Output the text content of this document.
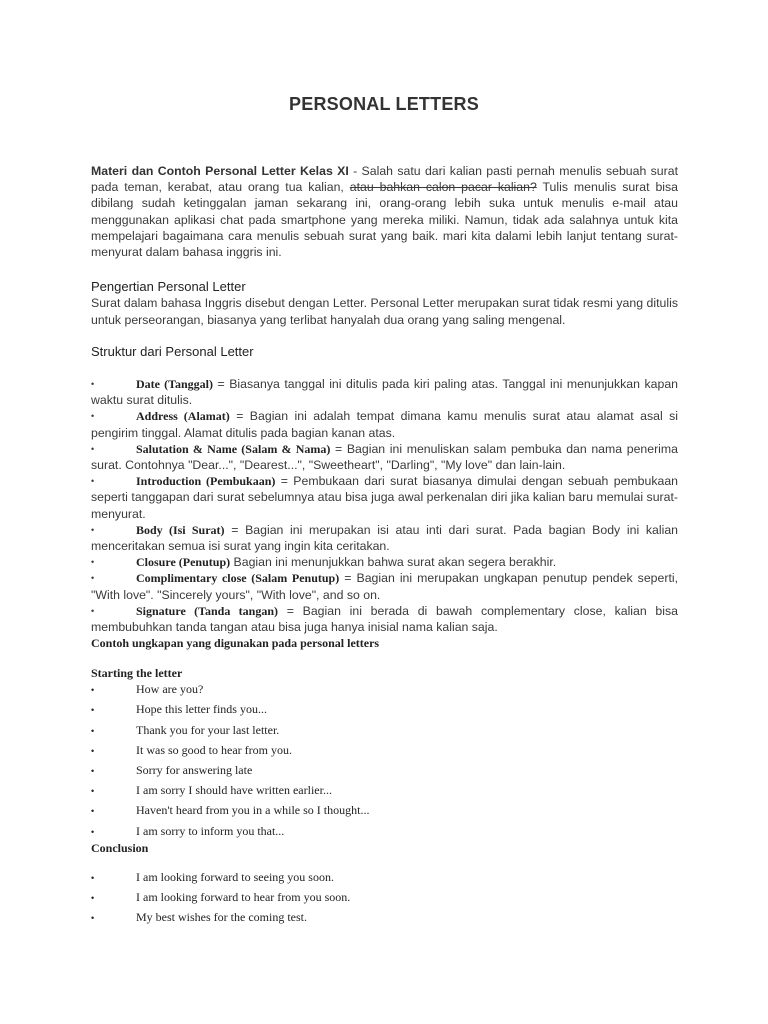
PERSONAL LETTERS

Materi dan Contoh Personal Letter Kelas XI - Salah satu dari kalian pasti pernah menulis sebuah surat pada teman, kerabat, atau orang tua kalian, atau bahkan calon pacar kalian? Tulis menulis surat bisa dibilang sudah ketinggalan jaman sekarang ini, orang-orang lebih suka untuk menulis e-mail atau menggunakan aplikasi chat pada smartphone yang mereka miliki. Namun, tidak ada salahnya untuk kita mempelajari bagaimana cara menulis sebuah surat yang baik. mari kita dalami lebih lanjut tentang surat-menyurat dalam bahasa inggris ini.

Pengertian Personal Letter

Surat dalam bahasa Inggris disebut dengan Letter. Personal Letter merupakan surat tidak resmi yang ditulis untuk perseorangan, biasanya yang terlibat hanyalah dua orang yang saling mengenal.

Struktur dari Personal Letter

•	Date (Tanggal) = Biasanya tanggal ini ditulis pada kiri paling atas. Tanggal ini menunjukkan kapan waktu surat ditulis.

•	Address (Alamat) = Bagian ini adalah tempat dimana kamu menulis surat atau alamat asal si pengirim tinggal. Alamat ditulis pada bagian kanan atas.

•	Salutation & Name (Salam & Nama) = Bagian ini menuliskan salam pembuka dan nama penerima surat. Contohnya "Dear...", "Dearest...", "Sweetheart", "Darling", "My love" dan lain-lain.

•	Introduction (Pembukaan) = Pembukaan dari surat biasanya dimulai dengan sebuah pembukaan seperti tanggapan dari surat sebelumnya atau bisa juga awal perkenalan diri jika kalian baru memulai surat-menyurat.

•	Body (Isi Surat) = Bagian ini merupakan isi atau inti dari surat. Pada bagian Body ini kalian menceritakan semua isi surat yang ingin kita ceritakan.

•	Closure (Penutup) Bagian ini menunjukkan bahwa surat akan segera berakhir.

•	Complimentary close (Salam Penutup) = Bagian ini merupakan ungkapan penutup pendek seperti, "With love". "Sincerely yours", "With love", and so on.

•	Signature (Tanda tangan) = Bagian ini berada di bawah complementary close, kalian bisa membubuhkan tanda tangan atau bisa juga hanya inisial nama kalian saja.

Contoh ungkapan yang digunakan pada personal letters

Starting the letter

•	How are you?
•	Hope this letter finds you...
•	Thank you for your last letter.
•	It was so good to hear from you.
•	Sorry for answering late
•	I am sorry I should have written earlier...
•	Haven't heard from you in a while so I thought...
•	I am sorry to inform you that...

Conclusion

•	I am looking forward to seeing you soon.
•	I am looking forward to hear from you soon.
•	My best wishes for the coming test.
